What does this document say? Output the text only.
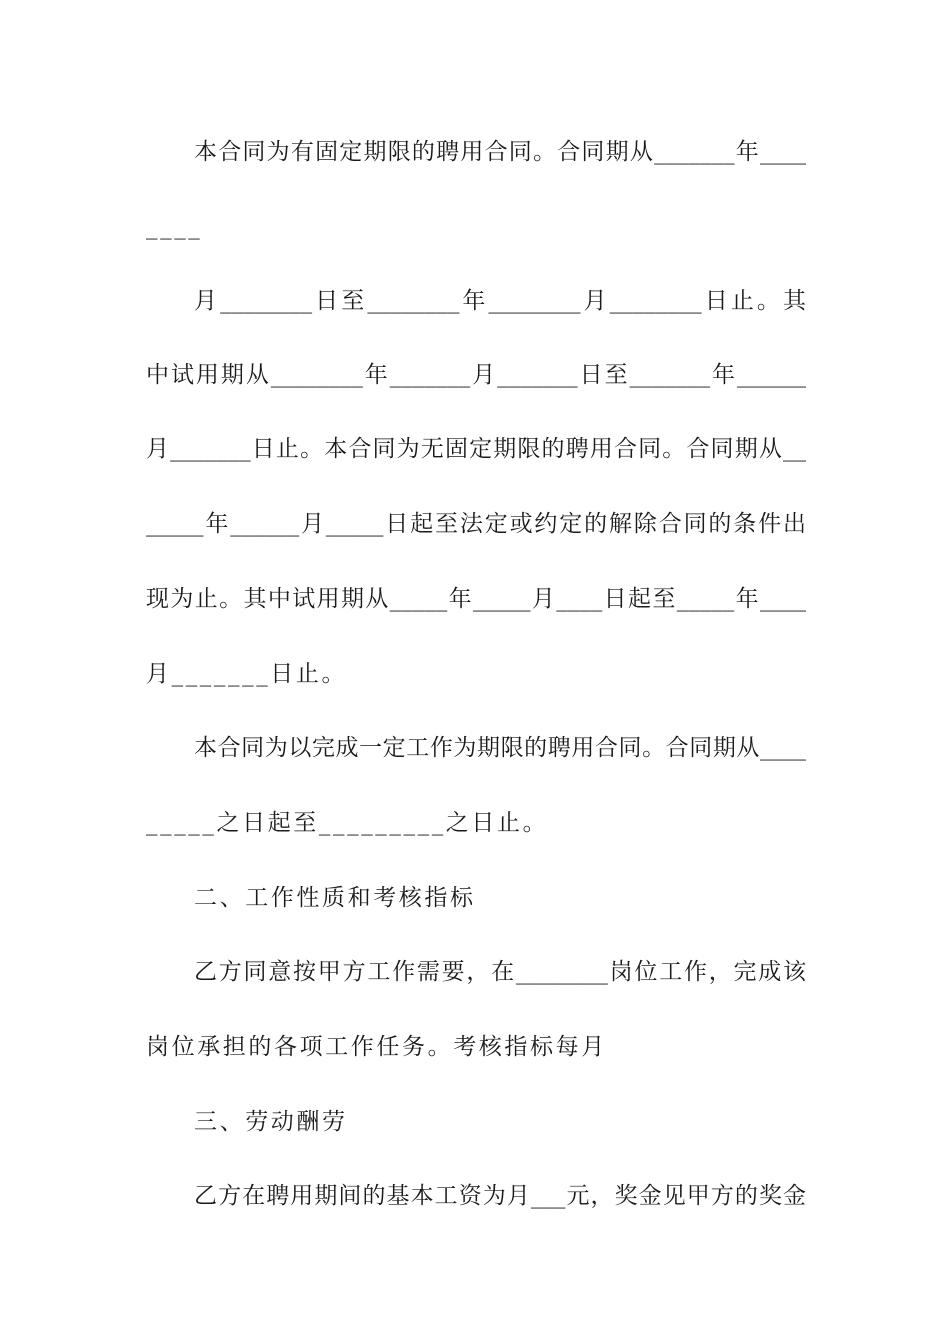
本合同为有固定期限的聘用合同。合同期从_______年____
____
月________日至________年________月________日止。其
中试用期从________年_______月_______日至_______年______
月_______日止。本合同为无固定期限的聘用合同。合同期从__
_____年______月_____日起至法定或约定的解除合同的条件出
现为止。其中试用期从_____年_____月____日起至_____年____
月_______日止。
本合同为以完成一定工作为期限的聘用合同。合同期从____
_____之日起至_________之日止。
二、工作性质和考核指标
乙方同意按甲方工作需要，在________岗位工作，完成该
岗位承担的各项工作任务。考核指标每月
三、劳动酬劳
乙方在聘用期间的基本工资为月___元，奖金见甲方的奖金
